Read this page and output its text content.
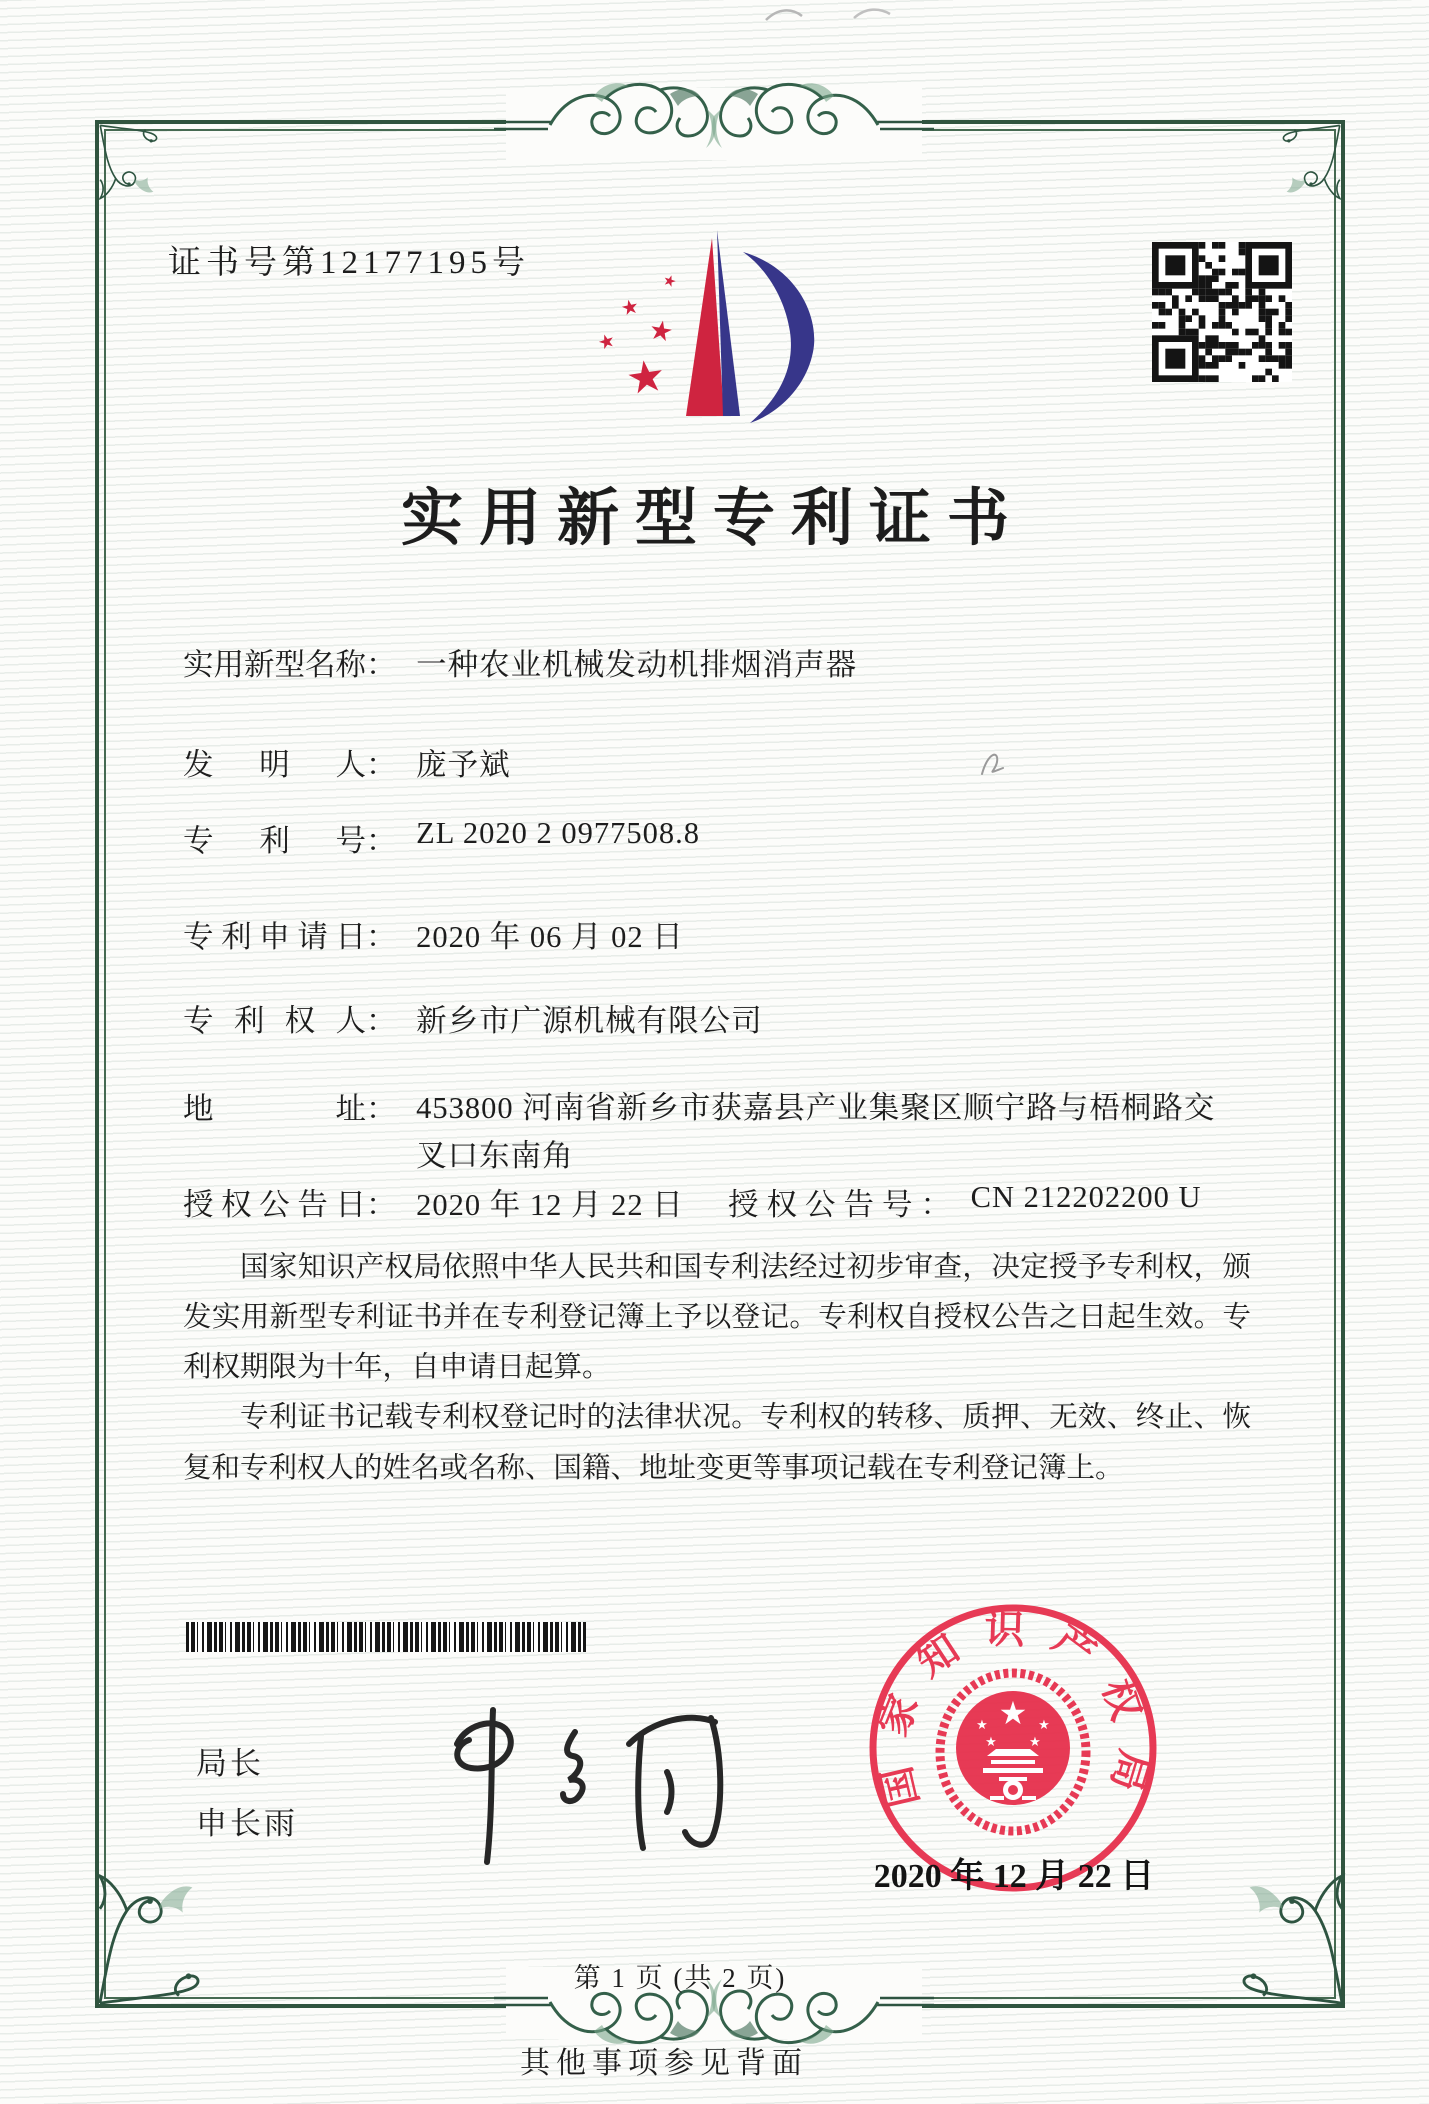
证书号第12177195号	★
★
★
★
★
实用新型专利证书
实用新型名称： 一种农业机械发动机排烟消声器
发明人： 庞予斌
专利号： ZL 2020 2 0977508.8
专利申请日： 2020 年 06 月 02 日
专利权人： 新乡市广源机械有限公司
地址： 453800 河南省新乡市获嘉县产业集聚区顺宁路与梧桐路交叉口东南角
授权公告日： 2020 年 12 月 22 日 授权公告号： CN 212202200 U

国家知识产权局依照中华人民共和国专利法经过初步审查，决定授予专利权，颁发实用新型专利证书并在专利登记簿上予以登记。专利权自授权公告之日起生效。专利权期限为十年，自申请日起算。

专利证书记载专利权登记时的法律状况。专利权的转移、质押、无效、终止、恢复和专利权人的姓名或名称、国籍、地址变更等事项记载在专利登记簿上。

局长
申长雨
国家知识产权局
★
★	★
★ ★
2020 年 12 月 22 日
第 1 页 (共 2 页)
其他事项参见背面
